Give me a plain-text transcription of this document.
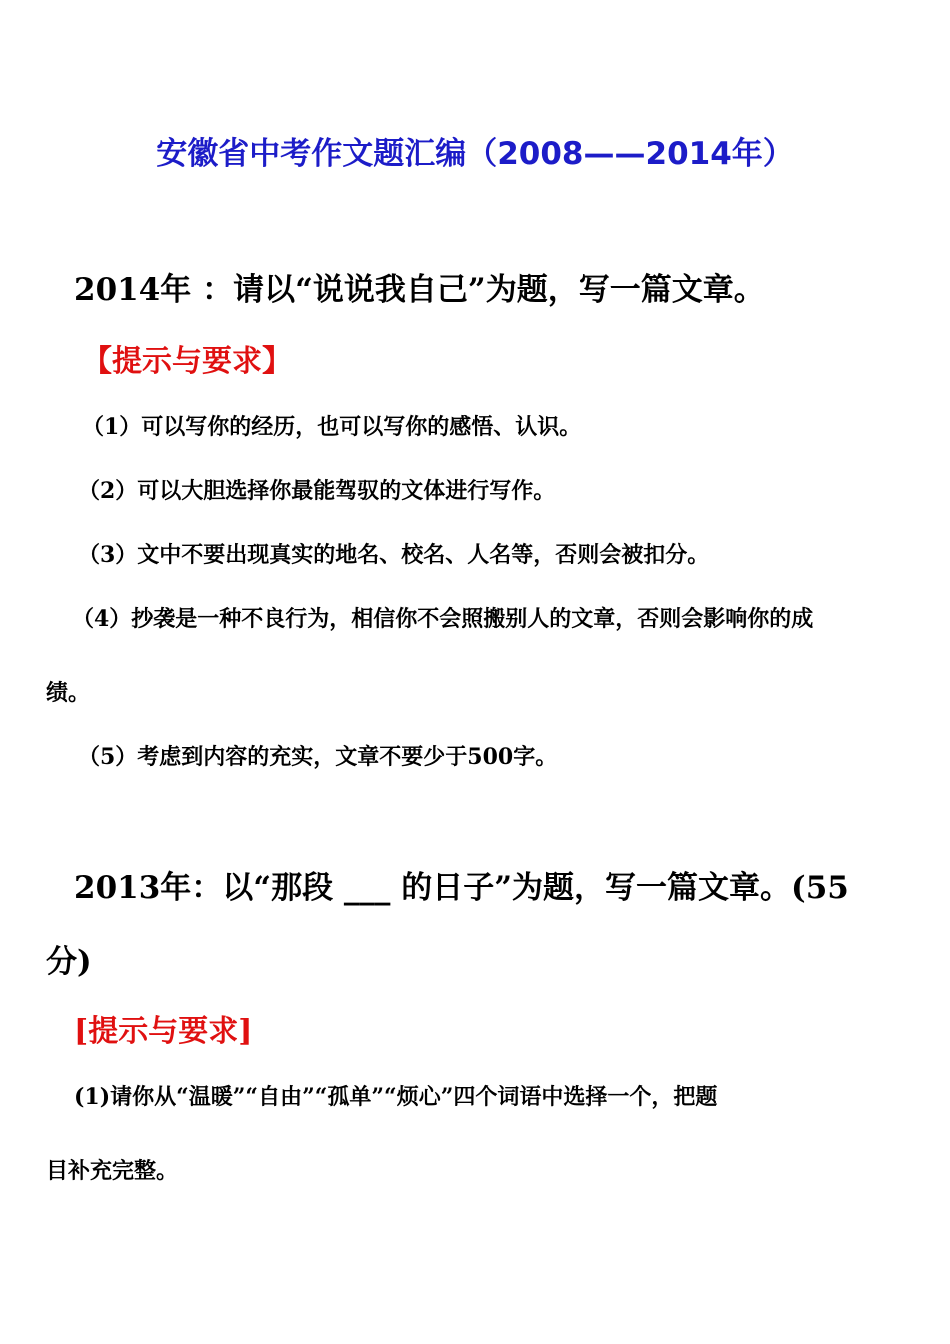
安徽省中考作文题汇编（2008——2014年）
2014年 ：请以“说说我自己”为题，写一篇文章。
【提示与要求】
（1）可以写你的经历，也可以写你的感悟、认识。
（2）可以大胆选择你最能驾驭的文体进行写作。
（3）文中不要出现真实的地名、校名、人名等，否则会被扣分。
（4）抄袭是一种不良行为，相信你不会照搬别人的文章，否则会影响你的成
绩。
（5）考虑到内容的充实，文章不要少于500字。
2013年：以“那段 ___ 的日子”为题，写一篇文章。(55
分)
[提示与要求]
(1)请你从“温暖”“自由”“孤单”“烦心”四个词语中选择一个，把题
目补充完整。
